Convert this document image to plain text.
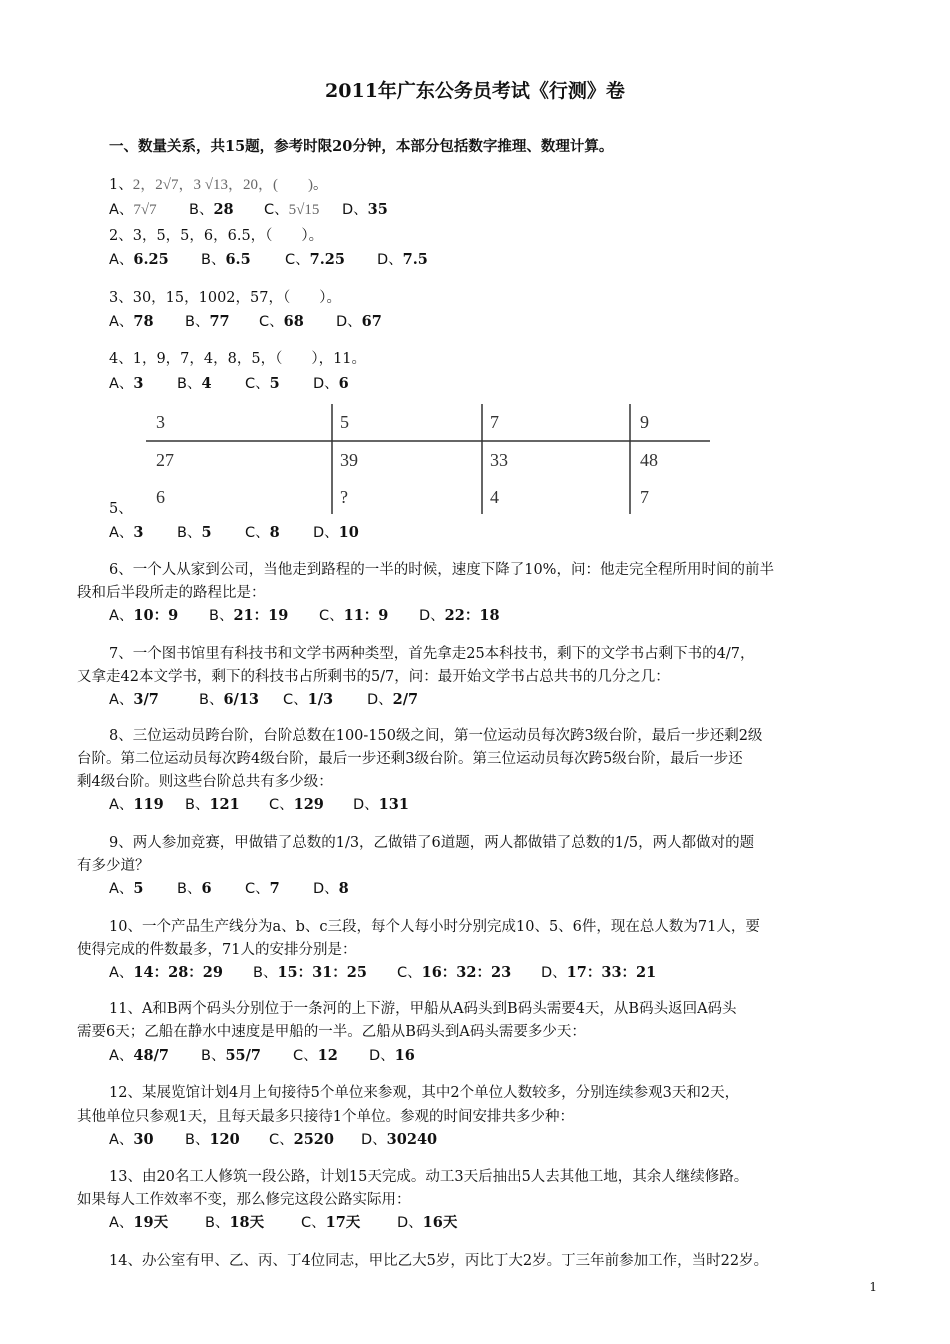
2011年广东公务员考试《行测》卷
一、数量关系，共15题，参考时限20分钟，本部分包括数字推理、数理计算。
1、2，2√7，3 √13，20，(　　)。
A、7√7 B、28 C、5√15 D、35
2、3，5，5，6，6.5，（　　）。
A、6.25 B、6.5 C、7.25 D、7.5
3、30，15，1002，57，（　　）。
A、78 B、77 C、68 D、67
4、1，9，7，4，8，5，（　　），11。
A、3 B、4 C、5 D、6
3	5	7	9
27	39	33	48
6	?	4	7
5、
A、3 B、5 C、8 D、10
6、一个人从家到公司，当他走到路程的一半的时候，速度下降了10%，问：他走完全程所用时间的前半
段和后半段所走的路程比是：
A、10：9 B、21：19 C、11：9 D、22：18
7、一个图书馆里有科技书和文学书两种类型，首先拿走25本科技书，剩下的文学书占剩下书的4/7，
又拿走42本文学书，剩下的科技书占所剩书的5/7，问：最开始文学书占总共书的几分之几：
A、3/7	B、6/13 C、1/3 D、2/7
8、三位运动员跨台阶，台阶总数在100-150级之间，第一位运动员每次跨3级台阶，最后一步还剩2级
台阶。第二位运动员每次跨4级台阶，最后一步还剩3级台阶。第三位运动员每次跨5级台阶，最后一步还
剩4级台阶。则这些台阶总共有多少级：
A、119 B、121 C、129 D、131
9、两人参加竞赛，甲做错了总数的1/3，乙做错了6道题，两人都做错了总数的1/5，两人都做对的题
有多少道？
A、5 B、6 C、7 D、8
10、一个产品生产线分为a、b、c三段，每个人每小时分别完成10、5、6件，现在总人数为71人，要
使得完成的件数最多，71人的安排分别是：
A、14：28：29 B、15：31：25 C、16：32：23 D、17：33：21
11、A和B两个码头分别位于一条河的上下游，甲船从A码头到B码头需要4天，从B码头返回A码头
需要6天；乙船在静水中速度是甲船的一半。乙船从B码头到A码头需要多少天：
A、48/7 B、55/7 C、12 D、16
12、某展览馆计划4月上旬接待5个单位来参观，其中2个单位人数较多，分别连续参观3天和2天，
其他单位只参观1天，且每天最多只接待1个单位。参观的时间安排共多少种：
A、30 B、120 C、2520 D、30240
13、由20名工人修筑一段公路，计划15天完成。动工3天后抽出5人去其他工地，其余人继续修路。
如果每人工作效率不变，那么修完这段公路实际用：
A、19天	B、18天	C、17天	D、16天
14、办公室有甲、乙、丙、丁4位同志，甲比乙大5岁，丙比丁大2岁。丁三年前参加工作，当时22岁。
1
